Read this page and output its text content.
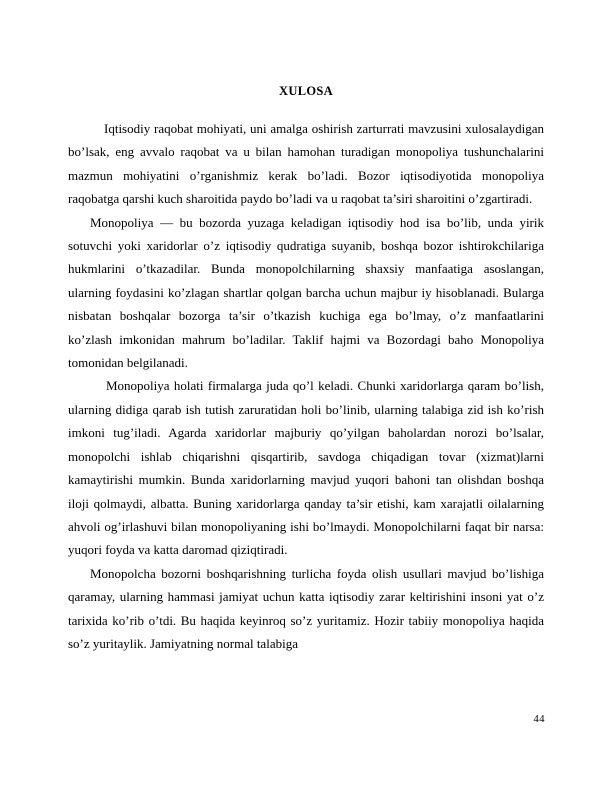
XULOSA

Iqtisodiy raqobat mohiyati, uni amalga oshirish zarturrati mavzusini xulosalaydigan bo’lsak, eng avvalo raqobat va u bilan hamohan turadigan monopoliya tushunchalarini mazmun mohiyatini o’rganishmiz kerak bo’ladi. Bozor iqtisodiyotida monopoliya raqobatga qarshi kuch sharoitida paydo bo’ladi va u raqobat ta’siri sharoitini o’zgartiradi.

Monopoliya — bu bozorda yuzaga keladigan iqtisodiy hod isa bo’lib, unda yirik sotuvchi yoki xaridorlar o’z iqtisodiy qudratiga suyanib, boshqa bozor ishtirokchilariga hukmlarini o’tkazadilar. Bunda monopolchilarning shaxsiy manfaatiga asoslangan, ularning foydasini ko’zlagan shartlar qolgan barcha uchun majbur iy hisoblanadi. Bularga nisbatan boshqalar bozorga ta’sir o’tkazish kuchiga ega bo’lmay, o’z manfaatlarini ko’zlash imkonidan mahrum bo’ladilar. Taklif hajmi va Bozordagi baho Monopoliya tomonidan belgilanadi.

Monopoliya holati firmalarga juda qo’l keladi. Chunki xaridorlarga qaram bo’lish, ularning didiga qarab ish tutish zaruratidan holi bo’linib, ularning talabiga zid ish ko’rish imkoni tug’iladi. Agarda xaridorlar majburiy qo’yilgan baholardan norozi bo’lsalar, monopolchi ishlab chiqarishni qisqartirib, savdoga chiqadigan tovar (xizmat)larni kamaytirishi mumkin. Bunda xaridorlarning mavjud yuqori bahoni tan olishdan boshqa iloji qolmaydi, albatta. Buning xaridorlarga qanday ta’sir etishi, kam xarajatli oilalarning ahvoli og’irlashuvi bilan monopoliyaning ishi bo’lmaydi. Monopolchilarni faqat bir narsa: yuqori foyda va katta daromad qiziqtiradi.

Monopolcha bozorni boshqarishning turlicha foyda olish usullari mavjud bo’lishiga qaramay, ularning hammasi jamiyat uchun katta iqtisodiy zarar keltirishini insoni yat o’z tarixida ko’rib o’tdi. Bu haqida keyinroq so’z yuritamiz. Hozir tabiiy monopoliya haqida so’z yuritaylik. Jamiyatning normal talabiga

44
